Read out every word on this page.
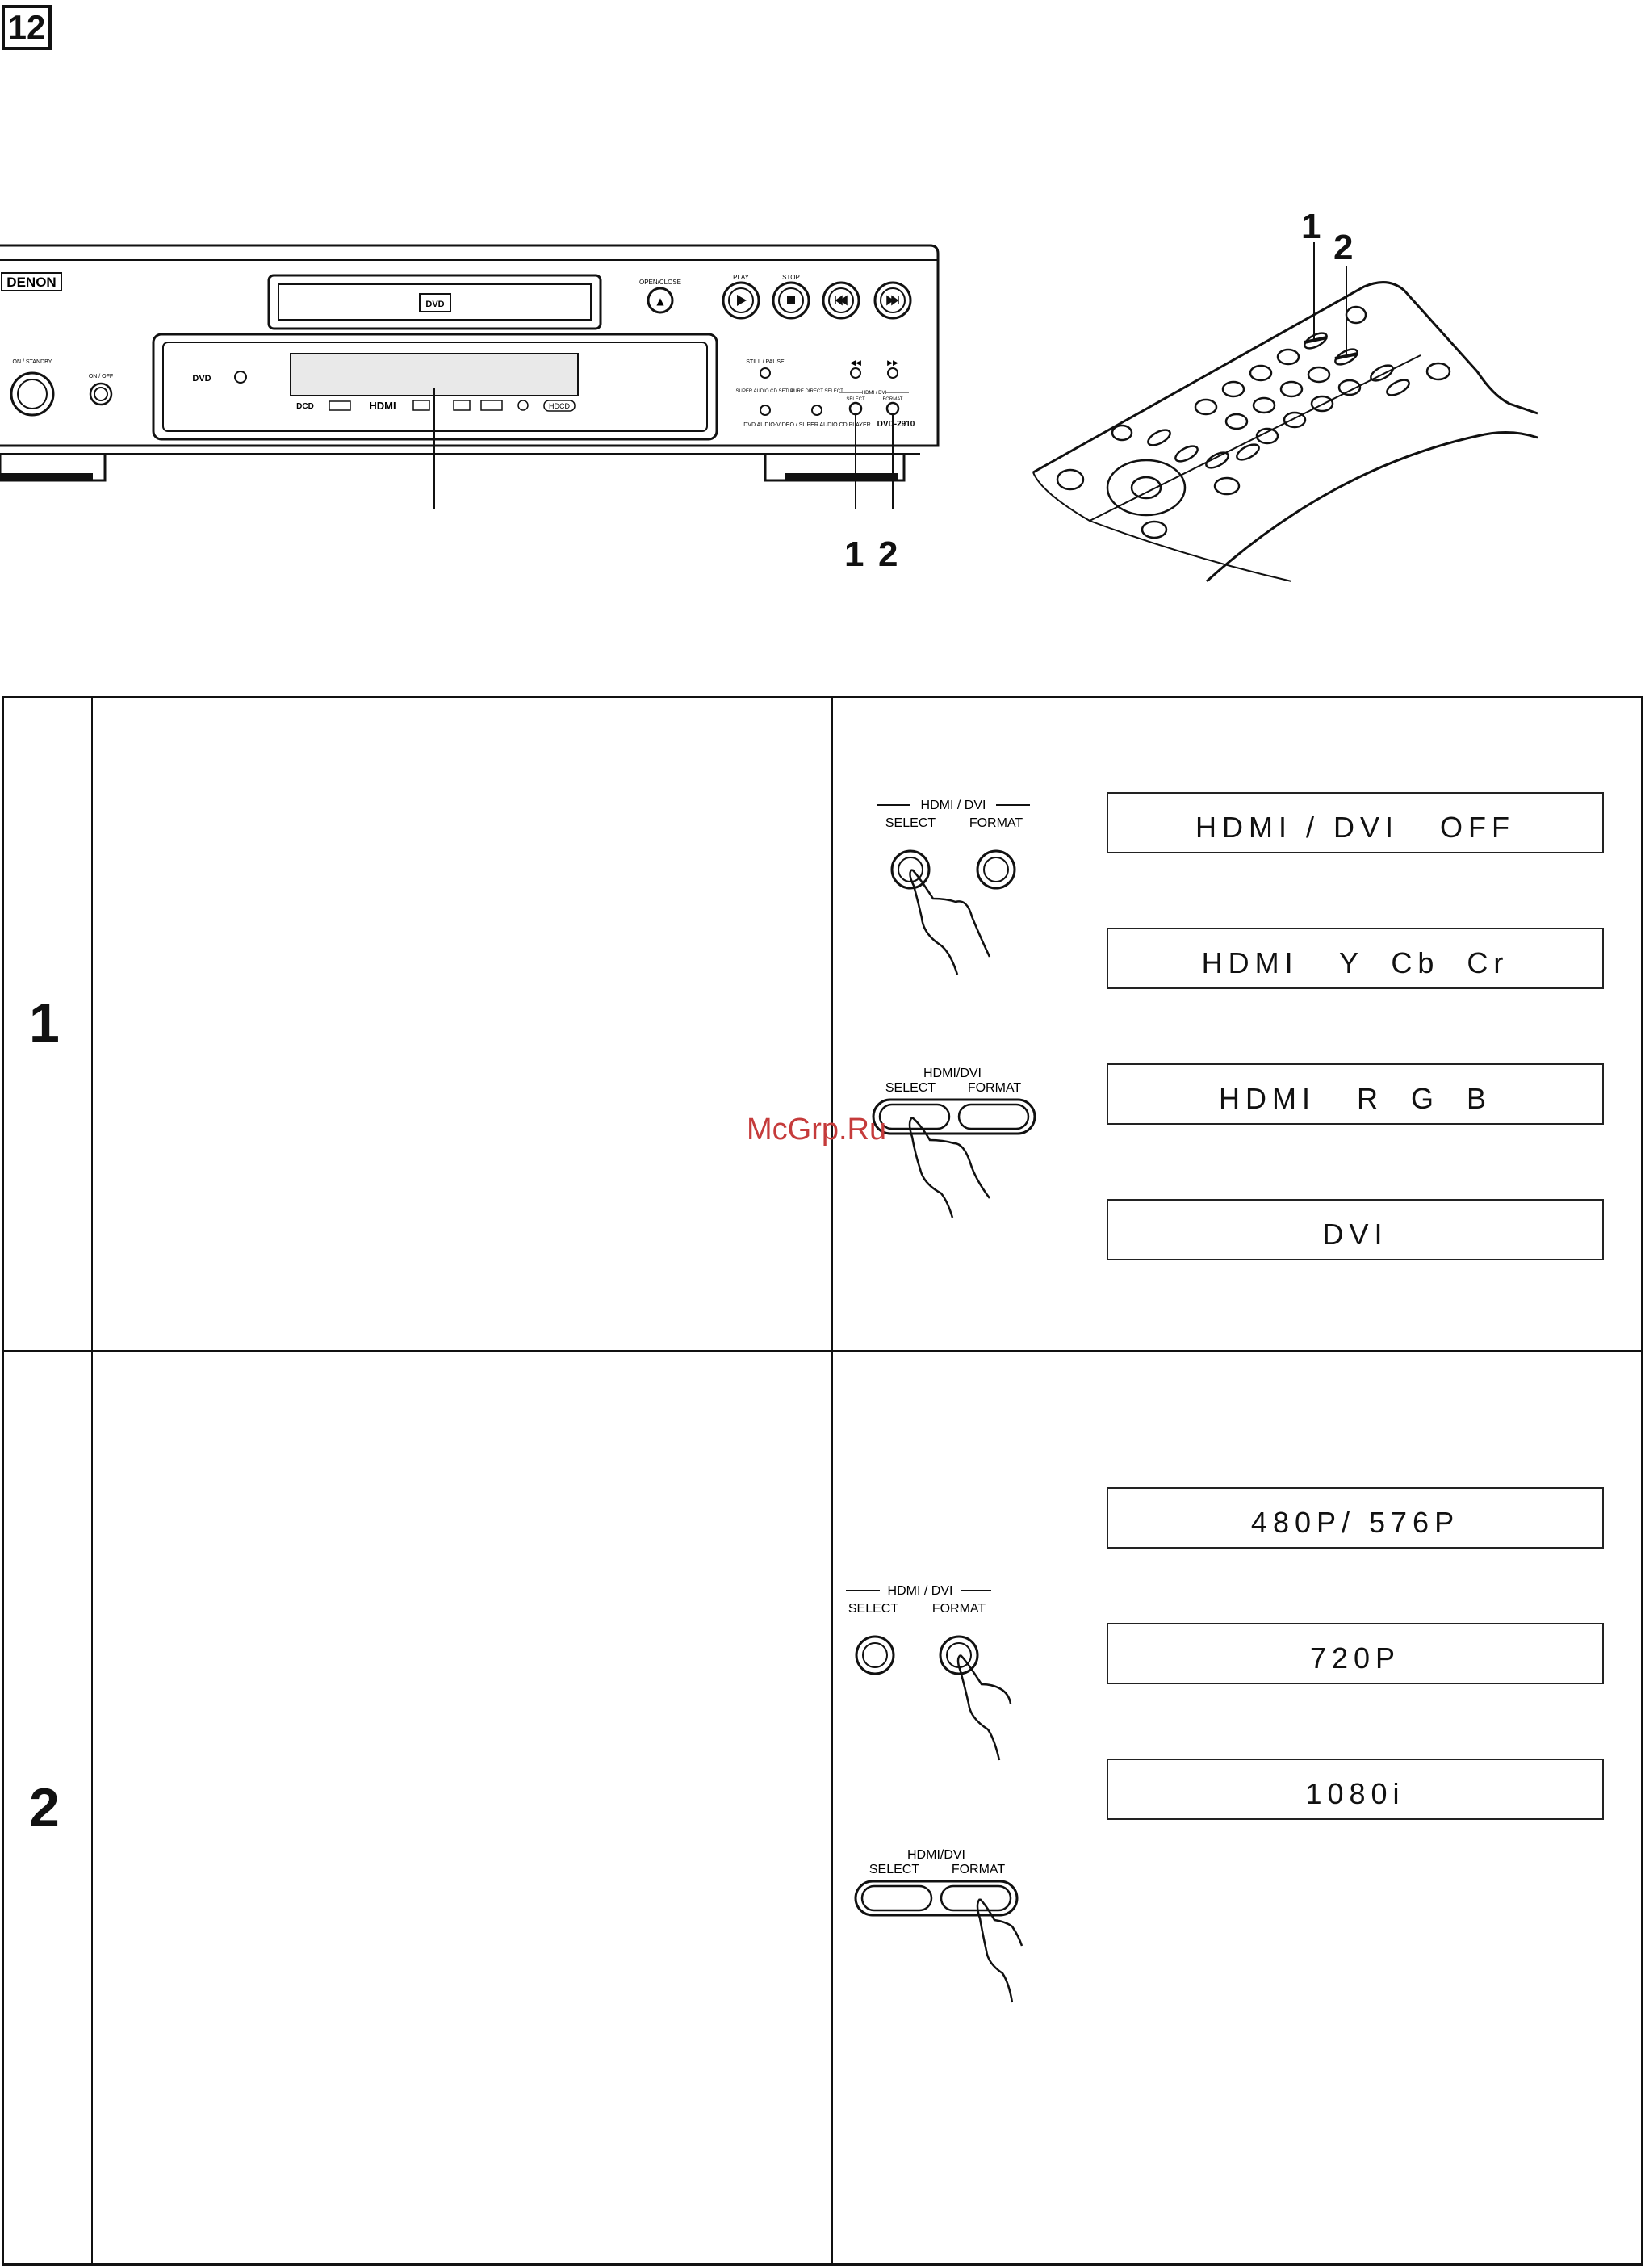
12
DENON
DVD
OPEN/CLOSE
▲
PLAY	STOP
DVD
DCD	HDMI	HDCD
ON / STANDBY
ON / OFF
STILL / PAUSE	◀◀	▶▶
SUPER AUDIO CD SETUP
PURE DIRECT SELECT	HDMI / DVI
SELECT	FORMAT
DVD AUDIO-VIDEO / SUPER AUDIO CD PLAYER DVD-2910
1 2
1
2
1
2
HDMI / DVI
SELECT	FORMAT
HDMI/DVI
SELECT FORMAT
HDMI / DVI   OFF
HDMI   Y  Cb  Cr
HDMI   R  G  B
DVI
HDMI / DVI
SELECT	FORMAT
HDMI/DVI
SELECT FORMAT
480P/ 576P
720P
1080i
McGrp.Ru
